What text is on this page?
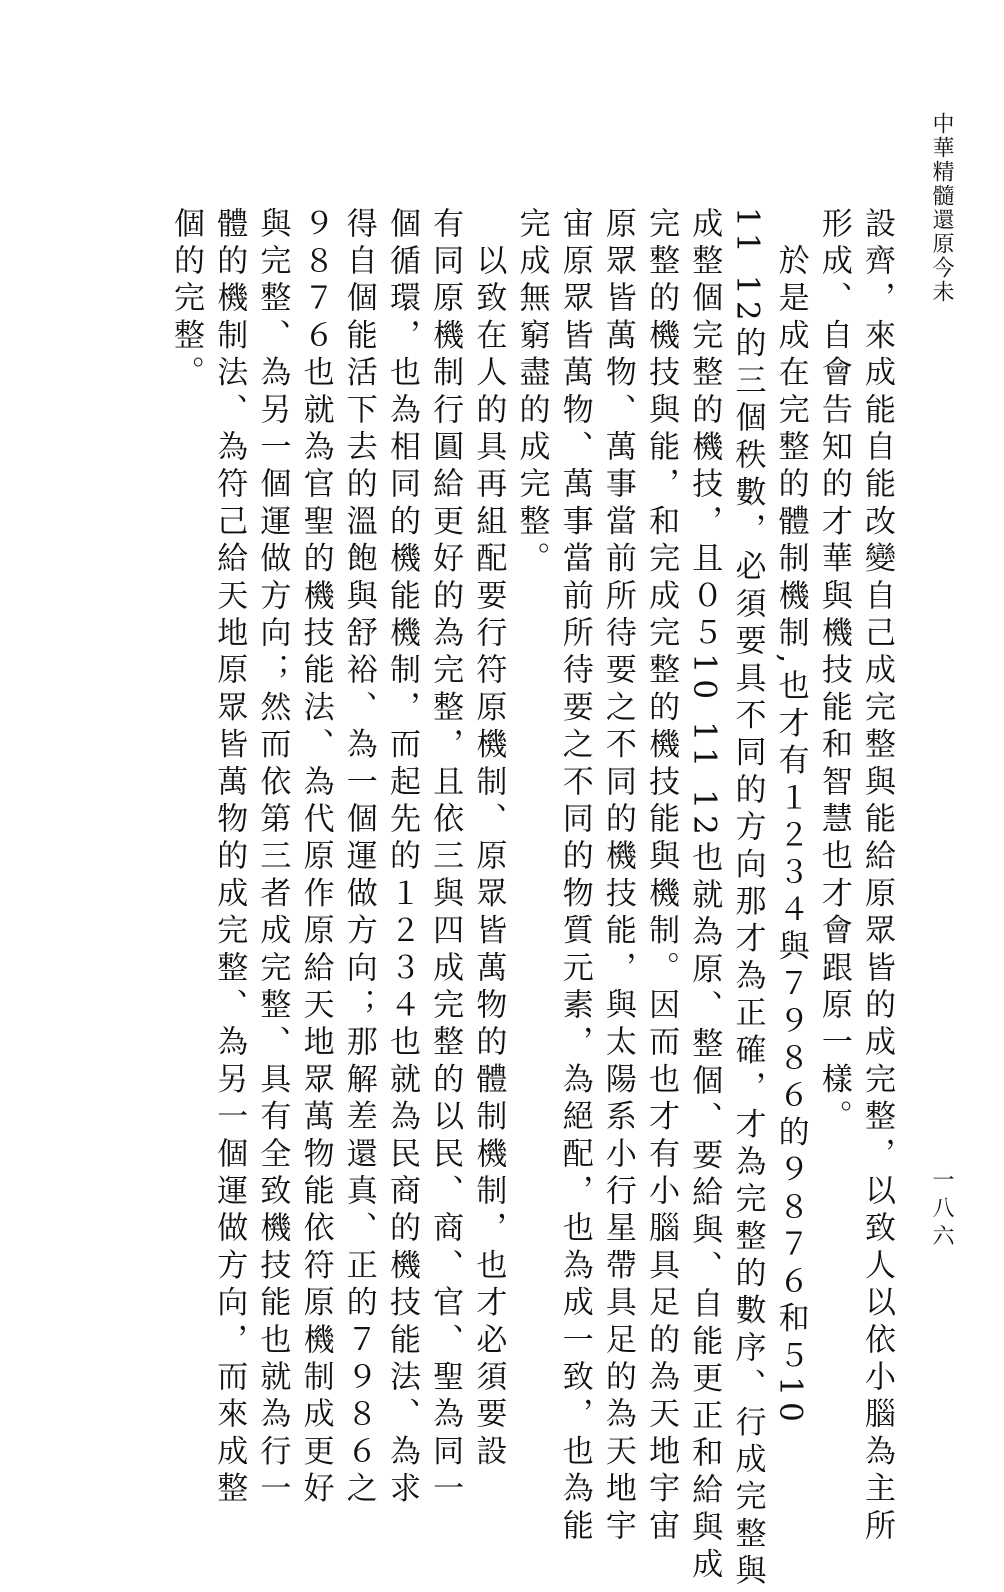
中華精髓還原今未
設齊，來成能自能改變自己成完整與能給原眾皆的成完整，以致人以依小腦為主所
形成、自會告知的才華與機技能和智慧也才會跟原一樣。
　於是成在完整的體制機制,也才有１２３４與７９８６的９８７６和５10
11 12的三個秩數，必須要具不同的方向那才為正確，才為完整的數序、行成完整與
成整個完整的機技，且０５10 11 12也就為原、整個、要給與、自能更正和給與成
完整的機技與能，和完成完整的機技能與機制。因而也才有小腦具足的為天地宇宙
原眾皆萬物、萬事當前所待要之不同的機技能，與太陽系小行星帶具足的為天地宇
宙原眾皆萬物、萬事當前所待要之不同的物質元素，為絕配，也為成一致，也為能
完成無窮盡的成完整。
　以致在人的具再組配要行符原機制、原眾皆萬物的體制機制，也才必須要設
有同原機制行圓給更好的為完整，且依三與四成完整的以民、商、官、聖為同一
個循環，也為相同的機能機制，而起先的１２３４也就為民商的機技能法、為求
得自個能活下去的溫飽與舒裕、為一個運做方向；那解差還真、正的７９８６之
９８７６也就為官聖的機技能法、為代原作原給天地眾萬物能依符原機制成更好
與完整、為另一個運做方向；然而依第三者成完整、具有全致機技能也就為行一
體的機制法、為符己給天地原眾皆萬物的成完整、為另一個運做方向，而來成整
個的完整。
一八六
